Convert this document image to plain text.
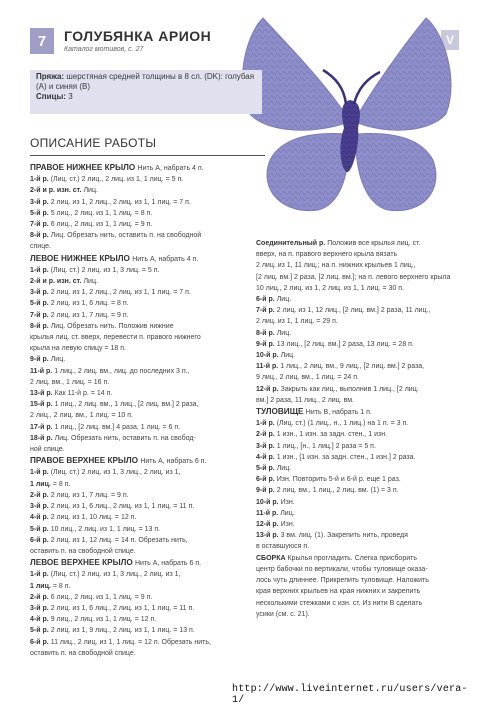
7	ГОЛУБЯНКА АРИОН
Каталог мотивов, с. 27
V
Пряжа: шерстяная средней толщины в 8 сл. (DK): голубая (А) и синяя (В)
Спицы: 3
ОПИСАНИЕ РАБОТЫ
ПРАВОЕ НИЖНЕЕ КРЫЛО Нить А, набрать 4 п.
1-й р. (Лиц. ст.) 2 лиц., 2 лиц. из 1, 1 лиц. = 5 п.
2-й и р. изн. ст. Лиц.
3-й р. 2 лиц. из 1, 2 лиц., 2 лиц. из 1, 1 лиц. = 7 п.
5-й р. 5 лиц., 2 лиц. из 1, 1 лиц. = 8 п.
7-й р. 6 лиц., 2 лиц. из 1, 1 лиц. = 9 п.
8-й р. Лиц. Обрезать нить, оставить п. на свободной
спице.
ЛЕВОЕ НИЖНЕЕ КРЫЛО Нить А, набрать 4 п.
1-й р. (Лиц. ст.) 2 лиц. из 1, 3 лиц. = 5 п.
2-й и р. изн. ст. Лиц.
3-й р. 2 лиц. из 1, 2 лиц., 2 лиц. из 1, 1 лиц. = 7 п.
5-й р. 2 лиц. из 1, 6 лиц. = 8 п.
7-й р. 2 лиц. из 1, 7 лиц. = 9 п.
8-й р. Лиц. Обрезать нить. Положив нижние
крылья лиц. ст. вверх, перевести п. правого нижнего
крыла на левую спицу = 18 п.
9-й р. Лиц.
11-й р. 1 лиц., 2 лиц. вм., лиц. до последних 3 п.,
2 лиц. вм., 1 лиц. = 16 п.
13-й р. Как 11-й р. = 14 п.
15-й р. 1 лиц., 2 лиц. вм., 1 лиц., [2 лиц. вм.] 2 раза,
2 лиц., 2 лиц. вм., 1 лиц. = 10 п.
17-й р. 1 лиц., [2 лиц. вм.] 4 раза, 1 лиц. = 6 п.
18-й р. Лиц. Обрезать нить, оставить п. на свобод-
ной спице.
ПРАВОЕ ВЕРХНЕЕ КРЫЛО Нить А, набрать 6 п.
1-й р. (Лиц. ст.) 2 лиц. из 1, 3 лиц., 2 лиц. из 1,
1 лиц. = 8 п.
2-й р. 2 лиц. из 1, 7 лиц. = 9 п.
3-й р. 2 лиц. из 1, 6 лиц., 2 лиц. из 1, 1 лиц. = 11 п.
4-й р. 2 лиц. из 1, 10 лиц. = 12 п.
5-й р. 10 лиц., 2 лиц. из 1, 1 лиц. = 13 п.
6-й р. 2 лиц. из 1, 12 лиц. = 14 п. Обрезать нить,
оставить п. на свободной спице.
ЛЕВОЕ ВЕРХНЕЕ КРЫЛО Нить А, набрать 6 п.
1-й р. (Лиц. ст.) 2 лиц. из 1, 3 лиц., 2 лиц. из 1,
1 лиц. = 8 п.
2-й р. 6 лиц., 2 лиц. из 1, 1 лиц. = 9 п.
3-й р. 2 лиц. из 1, 6 лиц., 2 лиц. из 1, 1 лиц. = 11 п.
4-й р. 9 лиц., 2 лиц. из 1, 1 лиц. = 12 п.
5-й р. 2 лиц. из 1, 9 лиц., 2 лиц. из 1, 1 лиц. = 13 п.
6-й р. 11 лиц., 2 лиц. из 1, 1 лиц. = 12 п. Обрезать нить,
оставить п. на свободной спице.
Соединительный р. Положив все крылья лиц. ст.
вверх, на п. правого верхнего крыла вязать
2 лиц. из 1, 11 лиц.; на п. нижних крыльев 1 лиц.,
[2 лиц. вм.] 2 раза, [2 лиц. вм.]; на п. левого верхнего крыла
10 лиц., 2 лиц. из 1, 2 лиц. из 1, 1 лиц. = 30 п.
6-й р. Лиц.
7-й р. 2 лиц. из 1, 12 лиц., [2 лиц. вм.] 2 раза, 11 лиц.,
2 лиц. из 1, 1 лиц. = 29 п.
8-й р. Лиц.
9-й р. 13 лиц., [2 лиц. вм.] 2 раза, 13 лиц. = 28 п.
10-й р. Лиц.
11-й р. 1 лиц., 2 лиц. вм., 9 лиц., [2 лиц. вм.] 2 раза,
9 лиц., 2 лиц. вм., 1 лиц. = 24 п.
12-й р. Закрыть как лиц., выполнив 1 лиц., [2 лиц.
вм.] 2 раза, 11 лиц., 2 лиц. вм.
ТУЛОВИЩЕ Нить В, набрать 1 п.
1-й р. (Лиц. ст.) (1 лиц., н., 1 лиц.) на 1 п. = 3 п.
2-й р. 1 изн., 1 изн. за задн. стен., 1 изн.
3-й р. 1 лиц., [н., 1 лиц.] 2 раза = 5 п.
4-й р. 1 изн., [1 изн. за задн. стен., 1 изн.] 2 раза.
5-й р. Лиц.
6-й р. Изн. Повторить 5-й и 6-й р. еще 1 раз.
9-й р. 2 лиц. вм., 1 лиц., 2 лиц. вм. (1) = 3 п.
10-й р. Изн.
11-й р. Лиц.
12-й р. Изн.
13-й р. 3 вм. лиц. (1). Закрепить нить, проведя
в оставшуюся п.
СБОРКА Крылья прогладить. Слегка присборить
центр бабочки по вертикали, чтобы туловище оказа-
лось чуть длиннее. Прикрепить туловище. Наложить
края верхних крыльев на края нижних и закрепить
несколькими стежками с изн. ст. Из нити В сделать
усики (см. с. 21).
http://www.liveinternet.ru/users/vera-1/
